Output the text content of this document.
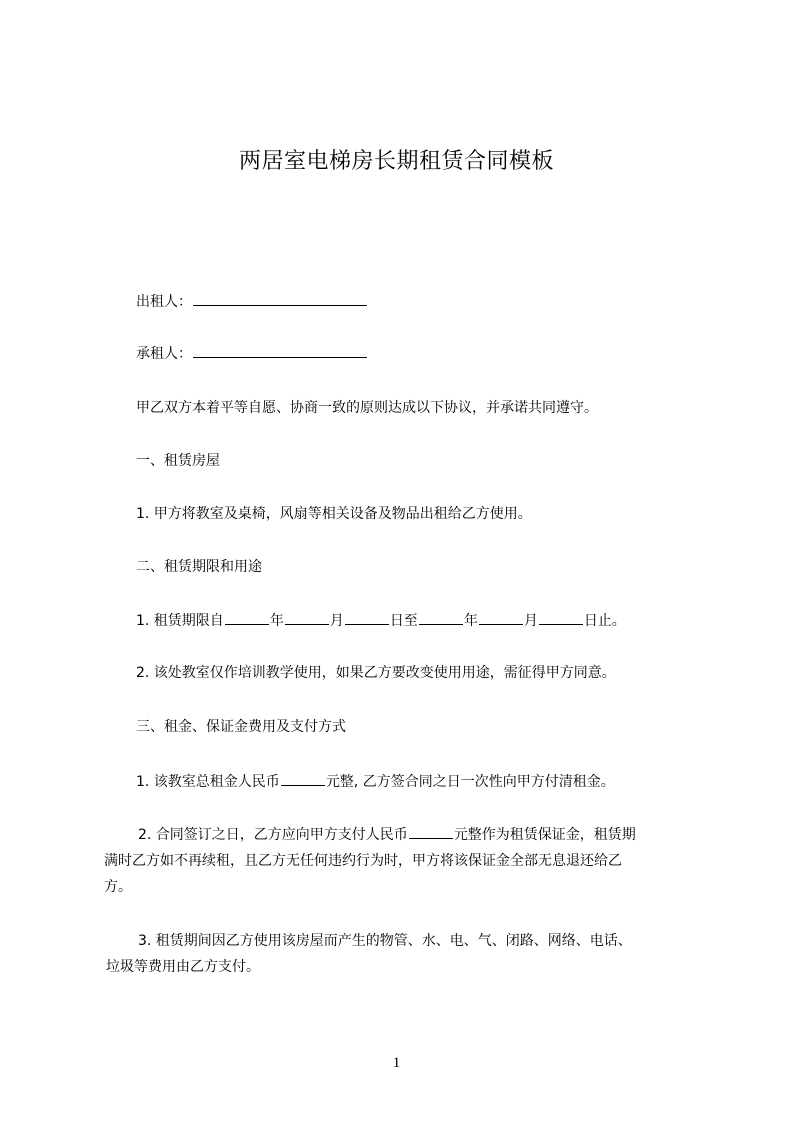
两居室电梯房长期租赁合同模板
出租人：
承租人：
甲乙双方本着平等自愿、协商一致的原则达成以下协议，并承诺共同遵守。
一、租赁房屋
1. 甲方将教室及桌椅，风扇等相关设备及物品出租给乙方使用。
二、租赁期限和用途
1. 租赁期限自	年	月	日至	年	月	日止。
2. 该处教室仅作培训教学使用，如果乙方要改变使用用途，需征得甲方同意。
三、租金、保证金费用及支付方式
1. 该教室总租金人民币	元整, 乙方签合同之日一次性向甲方付清租金。
2. 合同签订之日，乙方应向甲方支付人民币	元整作为租赁保证金，租赁期
满时乙方如不再续租，且乙方无任何违约行为时，甲方将该保证金全部无息退还给乙
方。
3. 租赁期间因乙方使用该房屋而产生的物管、水、电、气、闭路、网络、电话、
垃圾等费用由乙方支付。
1
